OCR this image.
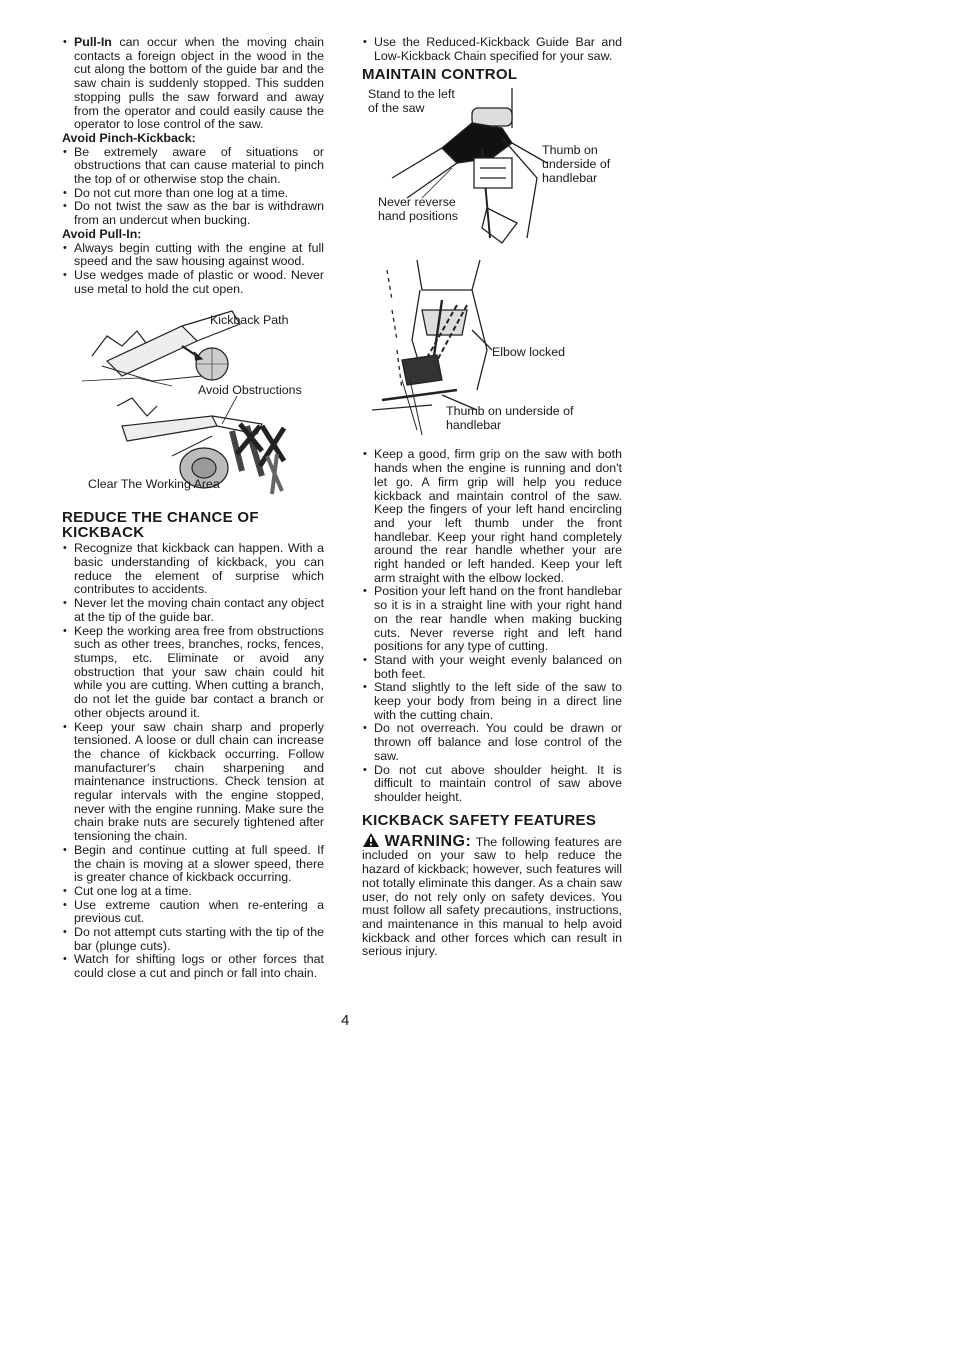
• Pull-In can occur when the moving chain contacts a foreign object in the wood in the cut along the bottom of the guide bar and the saw chain is suddenly stopped. This sudden stopping pulls the saw forward and away from the operator and could easily cause the operator to lose control of the saw.

Avoid Pinch-Kickback:

• Be extremely aware of situations or obstructions that can cause material to pinch the top of or otherwise stop the chain.
• Do not cut more than one log at a time.
• Do not twist the saw as the bar is withdrawn from an undercut when bucking.

Avoid Pull-In:

• Always begin cutting with the engine at full speed and the saw housing against wood.
• Use wedges made of plastic or wood. Never use metal to hold the cut open.
Kickback Path
Avoid Obstructions
Clear The Working Area
REDUCE THE CHANCE OF KICKBACK
• Recognize that kickback can happen. With a basic understanding of kickback, you can reduce the element of surprise which contributes to accidents.
• Never let the moving chain contact any object at the tip of the guide bar.
• Keep the working area free from obstructions such as other trees, branches, rocks, fences, stumps, etc. Eliminate or avoid any obstruction that your saw chain could hit while you are cutting. When cutting a branch, do not let the guide bar contact a branch or other objects around it.
• Keep your saw chain sharp and properly tensioned. A loose or dull chain can increase the chance of kickback occurring. Follow manufacturer's chain sharpening and maintenance instructions. Check tension at regular intervals with the engine stopped, never with the engine running. Make sure the chain brake nuts are securely tightened after tensioning the chain.
• Begin and continue cutting at full speed. If the chain is moving at a slower speed, there is greater chance of kickback occurring.
• Cut one log at a time.
• Use extreme caution when re-entering a previous cut.
• Do not attempt cuts starting with the tip of the bar (plunge cuts).
• Watch for shifting logs or other forces that could close a cut and pinch or fall into chain.
• Use the Reduced-Kickback Guide Bar and Low-Kickback Chain specified for your saw.
MAINTAIN CONTROL
Stand to the left of the saw
Thumb on underside of handlebar
Never reverse hand positions
Elbow locked
Thumb on underside of handlebar
• Keep a good, firm grip on the saw with both hands when the engine is running and don't let go. A firm grip will help you reduce kickback and maintain control of the saw. Keep the fingers of your left hand encircling and your left thumb under the front handlebar. Keep your right hand completely around the rear handle whether your are right handed or left handed. Keep your left arm straight with the elbow locked.
• Position your left hand on the front handlebar so it is in a straight line with your right hand on the rear handle when making bucking cuts. Never reverse right and left hand positions for any type of cutting.
• Stand with your weight evenly balanced on both feet.
• Stand slightly to the left side of the saw to keep your body from being in a direct line with the cutting chain.
• Do not overreach. You could be drawn or thrown off balance and lose control of the saw.
• Do not cut above shoulder height. It is difficult to maintain control of saw above shoulder height.
KICKBACK SAFETY FEATURES
WARNING: The following features are included on your saw to help reduce the hazard of kickback; however, such features will not totally eliminate this danger. As a chain saw user, do not rely only on safety devices. You must follow all safety precautions, instructions, and maintenance in this manual to help avoid kickback and other forces which can result in serious injury.
4
